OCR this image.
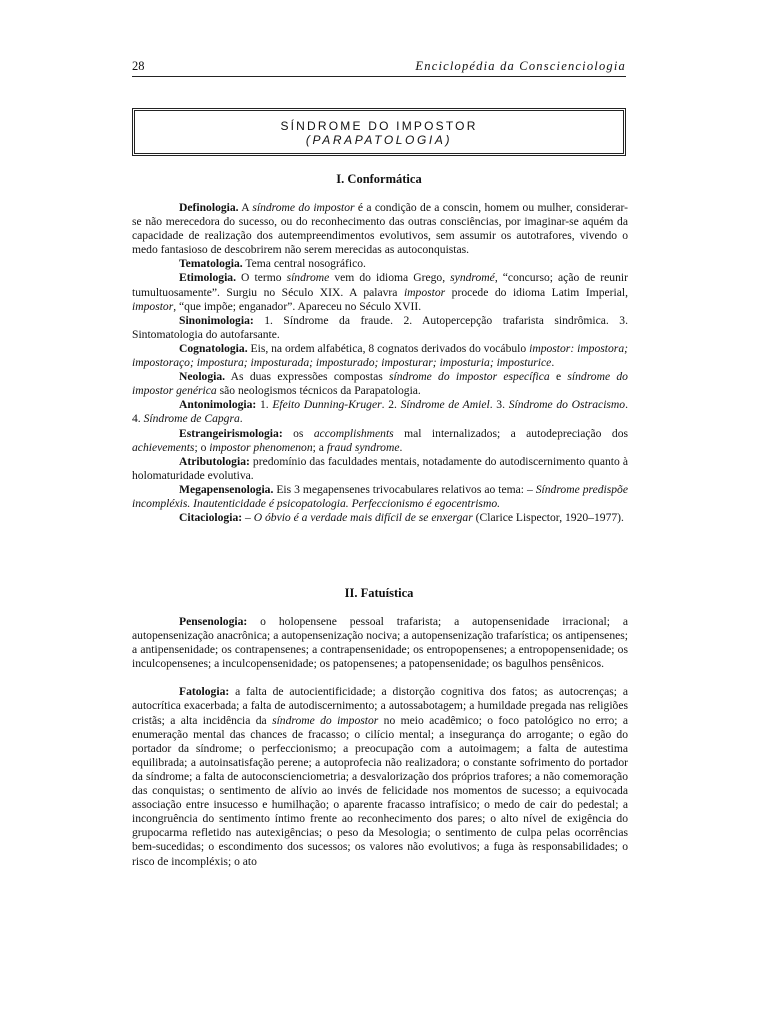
28	Enciclopédia da Conscienciologia
SÍNDROME DO IMPOSTOR
(PARAPATOLOGIA)
I. Conformática

Definologia. A síndrome do impostor é a condição de a conscin, homem ou mulher, considerar-se não merecedora do sucesso, ou do reconhecimento das outras consciências, por imaginar-se aquém da capacidade de realização dos autempreendimentos evolutivos, sem assumir os autotrafores, vivendo o medo fantasioso de descobrirem não serem merecidas as autoconquistas.

Tematologia. Tema central nosográfico.

Etimologia. O termo síndrome vem do idioma Grego, syndromé, “concurso; ação de reunir tumultuosamente”. Surgiu no Século XIX. A palavra impostor procede do idioma Latim Imperial, impostor, “que impõe; enganador”. Apareceu no Século XVII.

Sinonimologia: 1. Síndrome da fraude. 2. Autopercepção trafarista sindrômica. 3. Sintomatologia do autofarsante.

Cognatologia. Eis, na ordem alfabética, 8 cognatos derivados do vocábulo impostor: impostora; impostoraço; impostura; imposturada; imposturado; imposturar; imposturia; imposturice.

Neologia. As duas expressões compostas síndrome do impostor específica e síndrome do impostor genérica são neologismos técnicos da Parapatologia.

Antonimologia: 1. Efeito Dunning-Kruger. 2. Síndrome de Amiel. 3. Síndrome do Ostracismo. 4. Síndrome de Capgra.

Estrangeirismologia: os accomplishments mal internalizados; a autodepreciação dos achievements; o impostor phenomenon; a fraud syndrome.

Atributologia: predomínio das faculdades mentais, notadamente do autodiscernimento quanto à holomaturidade evolutiva.

Megapensenologia. Eis 3 megapensenes trivocabulares relativos ao tema: – Síndrome predispõe incompléxis. Inautenticidade é psicopatologia. Perfeccionismo é egocentrismo.

Citaciologia: – O óbvio é a verdade mais difícil de se enxergar (Clarice Lispector, 1920–1977).

II. Fatuística

Pensenologia: o holopensene pessoal trafarista; a autopensenidade irracional; a autopensenização anacrônica; a autopensenização nociva; a autopensenização trafarística; os antipensenes; a antipensenidade; os contrapensenes; a contrapensenidade; os entropopensenes; a entropopensenidade; os inculcopensenes; a inculcopensenidade; os patopensenes; a patopensenidade; os bagulhos pensênicos.

Fatologia: a falta de autocientificidade; a distorção cognitiva dos fatos; as autocrenças; a autocrítica exacerbada; a falta de autodiscernimento; a autossabotagem; a humildade pregada nas religiões cristãs; a alta incidência da síndrome do impostor no meio acadêmico; o foco patológico no erro; a enumeração mental das chances de fracasso; o cilício mental; a insegurança do arrogante; o egão do portador da síndrome; o perfeccionismo; a preocupação com a autoimagem; a falta de autestima equilibrada; a autoinsatisfação perene; a autoprofecia não realizadora; o constante sofrimento do portador da síndrome; a falta de autoconscienciometria; a desvalorização dos próprios trafores; a não comemoração das conquistas; o sentimento de alívio ao invés de felicidade nos momentos de sucesso; a equivocada associação entre insucesso e humilhação; o aparente fracasso intrafísico; o medo de cair do pedestal; a incongruência do sentimento íntimo frente ao reconhecimento dos pares; o alto nível de exigência do grupocarma refletido nas autexigências; o peso da Mesologia; o sentimento de culpa pelas ocorrências bem-sucedidas; o escondimento dos sucessos; os valores não evolutivos; a fuga às responsabilidades; o risco de incompléxis; o ato
